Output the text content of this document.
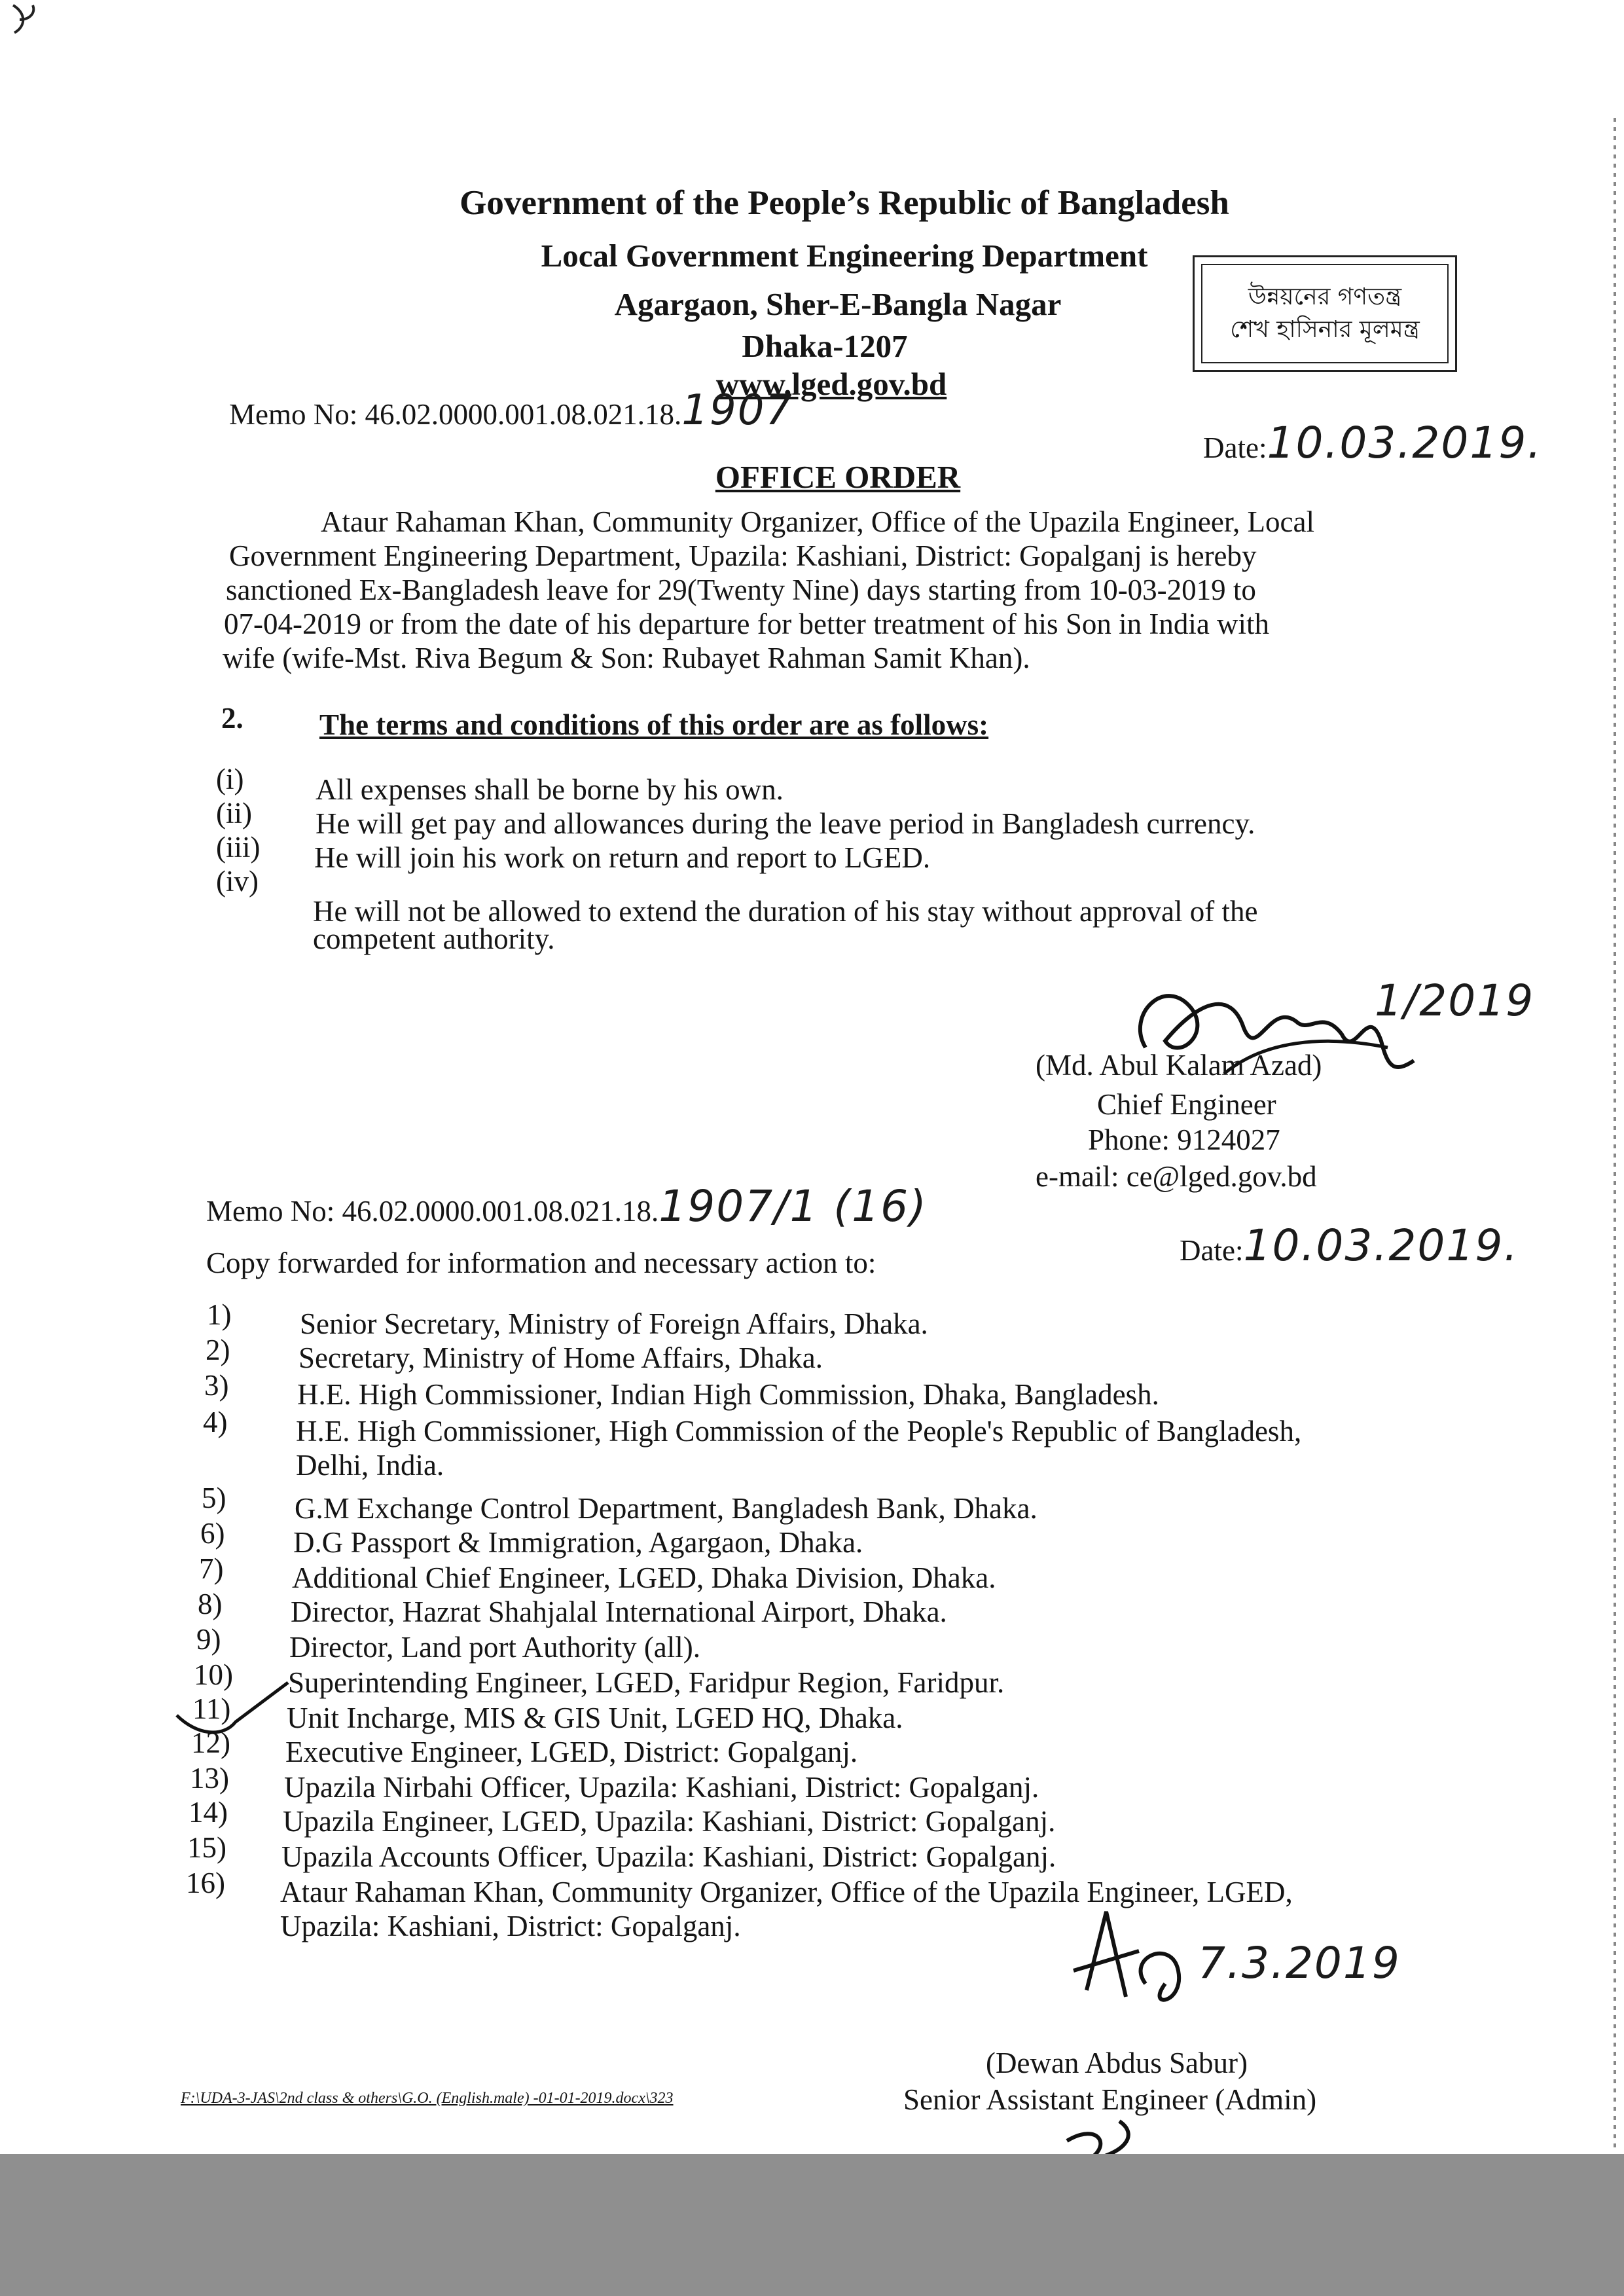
Government of the People’s Republic of Bangladesh
Local Government Engineering Department
Agargaon, Sher-E-Bangla Nagar
Dhaka-1207
www.lged.gov.bd
উন্নয়নের গণতন্ত্র
শেখ হাসিনার মূলমন্ত্র
Memo No: 46.02.0000.001.08.021.18.1907
Date:10.03.2019.
OFFICE ORDER
Ataur Rahaman Khan, Community Organizer, Office of the Upazila Engineer, Local
Government Engineering Department, Upazila: Kashiani, District: Gopalganj is hereby
sanctioned Ex-Bangladesh leave for 29(Twenty Nine) days starting from 10-03-2019 to
07-04-2019 or from the date of his departure for better treatment of his Son in India with
wife (wife-Mst. Riva Begum & Son: Rubayet Rahman Samit Khan).
2.	The terms and conditions of this order are as follows:
(i)	All expenses shall be borne by his own.
(ii)	He will get pay and allowances during the leave period in Bangladesh currency.
(iii)	He will join his work on return and report to LGED.
(iv)
He will not be allowed to extend the duration of his stay without approval of the
competent authority.
1/2019
(Md. Abul Kalam Azad)
Chief Engineer
Phone: 9124027
e-mail: ce@lged.gov.bd
Memo No: 46.02.0000.001.08.021.18.1907/1 (16)
Date:10.03.2019.
Copy forwarded for information and necessary action to:
1)	Senior Secretary, Ministry of Foreign Affairs, Dhaka.
2)	Secretary, Ministry of Home Affairs, Dhaka.
3)	H.E. High Commissioner, Indian High Commission, Dhaka, Bangladesh.
4)	H.E. High Commissioner, High Commission of the People's Republic of Bangladesh,
Delhi, India.
5)	G.M Exchange Control Department, Bangladesh Bank, Dhaka.
6)	D.G Passport & Immigration, Agargaon, Dhaka.
7)	Additional Chief Engineer, LGED, Dhaka Division, Dhaka.
8)	Director, Hazrat Shahjalal International Airport, Dhaka.
9)	Director, Land port Authority (all).
10)	Superintending Engineer, LGED, Faridpur Region, Faridpur.
11)	Unit Incharge, MIS & GIS Unit, LGED HQ, Dhaka.
12)	Executive Engineer, LGED, District: Gopalganj.
13)	Upazila Nirbahi Officer, Upazila: Kashiani, District: Gopalganj.
14)	Upazila Engineer, LGED, Upazila: Kashiani, District: Gopalganj.
15)	Upazila Accounts Officer, Upazila: Kashiani, District: Gopalganj.
16)	Ataur Rahaman Khan, Community Organizer, Office of the Upazila Engineer, LGED,
Upazila: Kashiani, District: Gopalganj.
7.3.2019
(Dewan Abdus Sabur)
Senior Assistant Engineer (Admin)
F:\UDA-3-JAS\2nd class & others\G.O. (English.male) -01-01-2019.docx\323
